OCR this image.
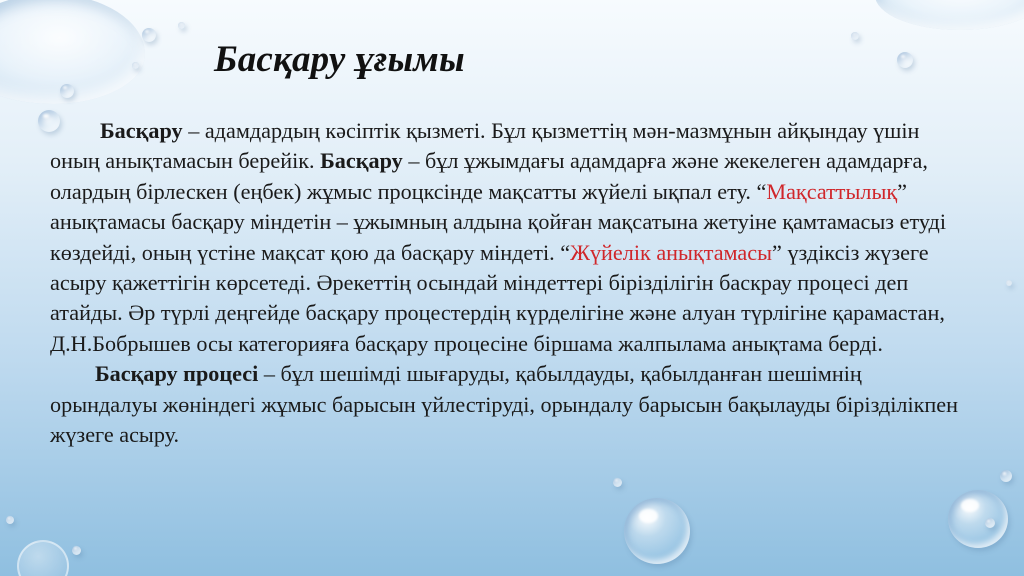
Басқару ұғымы

Басқару – адамдардың кәсіптік қызметі. Бұл қызметтің мән-мазмұнын айқындау үшін оның анықтамасын берейік. Басқару – бұл ұжымдағы адамдарға және жекелеген адамдарға, олардың бірлескен (еңбек) жұмыс процксінде мақсатты жүйелі ықпал ету. “Мақсаттылық” анықтамасы басқару міндетін – ұжымның алдына қойған мақсатына жетуіне қамтамасыз етуді көздейді, оның үстіне мақсат қою да басқару міндеті. “Жүйелік анықтамасы” үздіксіз жүзеге асыру қажеттігін көрсетеді. Әрекеттің осындай міндеттері біріздiлiгiн баскрау процесі деп атайды. Әр түрлі деңгейде басқару процестердің күрделігіне және алуан түрлігіне қарамастан, Д.Н.Бобрышев осы категорияға басқару процесіне біршама жалпылама анықтама берді.

Басқару процесі – бұл шешімді шығаруды, қабылдауды, қабылданған шешімнің орындалуы жөніндегі жұмыс барысын үйлестіруді, орындалу барысын бақылауды біріздiлiкпен жүзеге асыру.
